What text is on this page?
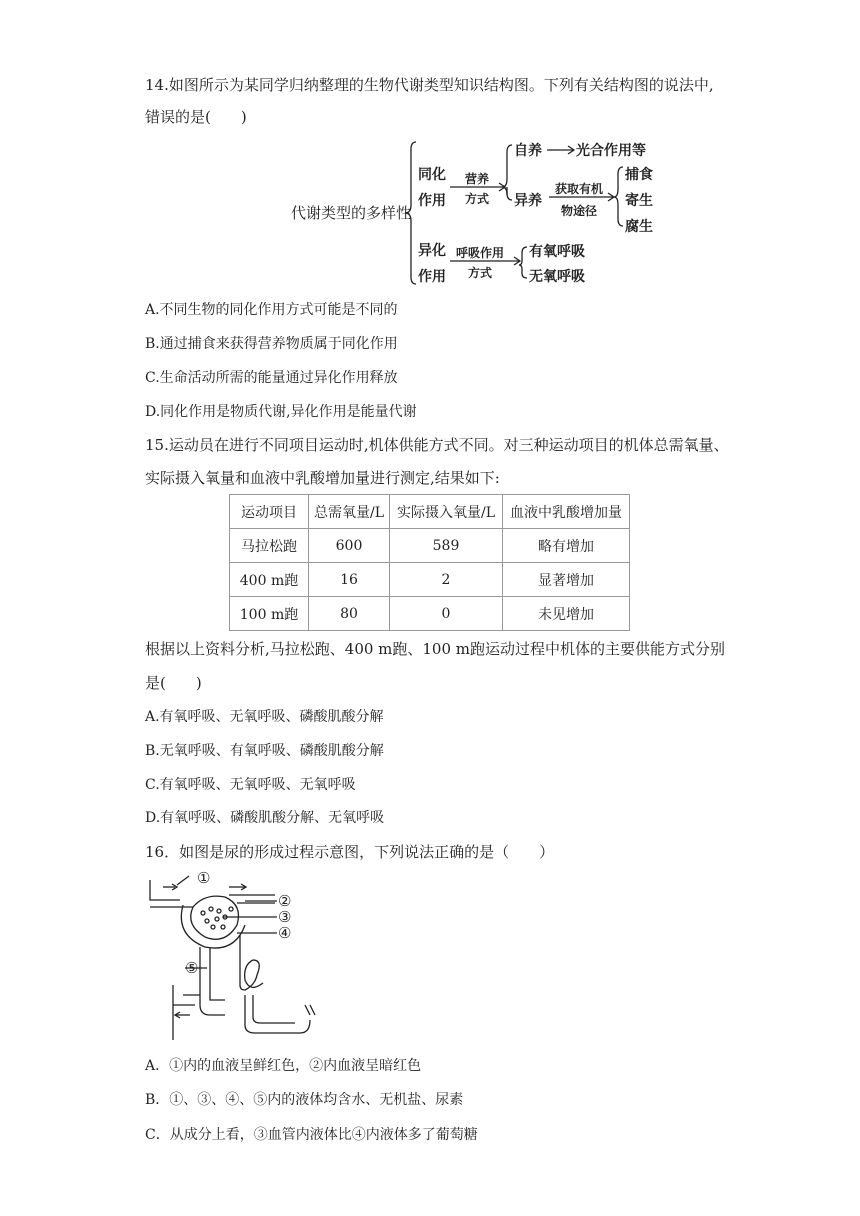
14.如图所示为某同学归纳整理的生物代谢类型知识结构图。下列有关结构图的说法中,
错误的是(　　)
代谢类型的多样性
同化
作用
营养
方式
自养 光合作用等
异养
获取有机
物途径
捕食
寄生
腐生
异化
作用
呼吸作用
方式
有氧呼吸
无氧呼吸
A.不同生物的同化作用方式可能是不同的
B.通过捕食来获得营养物质属于同化作用
C.生命活动所需的能量通过异化作用释放
D.同化作用是物质代谢,异化作用是能量代谢
15.运动员在进行不同项目运动时,机体供能方式不同。对三种运动项目的机体总需氧量、
实际摄入氧量和血液中乳酸增加量进行测定,结果如下:
运动项目	总需氧量/L	实际摄入氧量/L	血液中乳酸增加量
马拉松跑	600	589	略有增加
400 m跑	16	2	显著增加
100 m跑	80	0	未见增加
根据以上资料分析,马拉松跑、400 m跑、100 m跑运动过程中机体的主要供能方式分别
是(　　)
A.有氧呼吸、无氧呼吸、磷酸肌酸分解
B.无氧呼吸、有氧呼吸、磷酸肌酸分解
C.有氧呼吸、无氧呼吸、无氧呼吸
D.有氧呼吸、磷酸肌酸分解、无氧呼吸
16．如图是尿的形成过程示意图，下列说法正确的是（　　）
①
②
③
④
⑤
A．①内的血液呈鲜红色，②内血液呈暗红色
B．①、③、④、⑤内的液体均含水、无机盐、尿素
C．从成分上看，③血管内液体比④内液体多了葡萄糖
